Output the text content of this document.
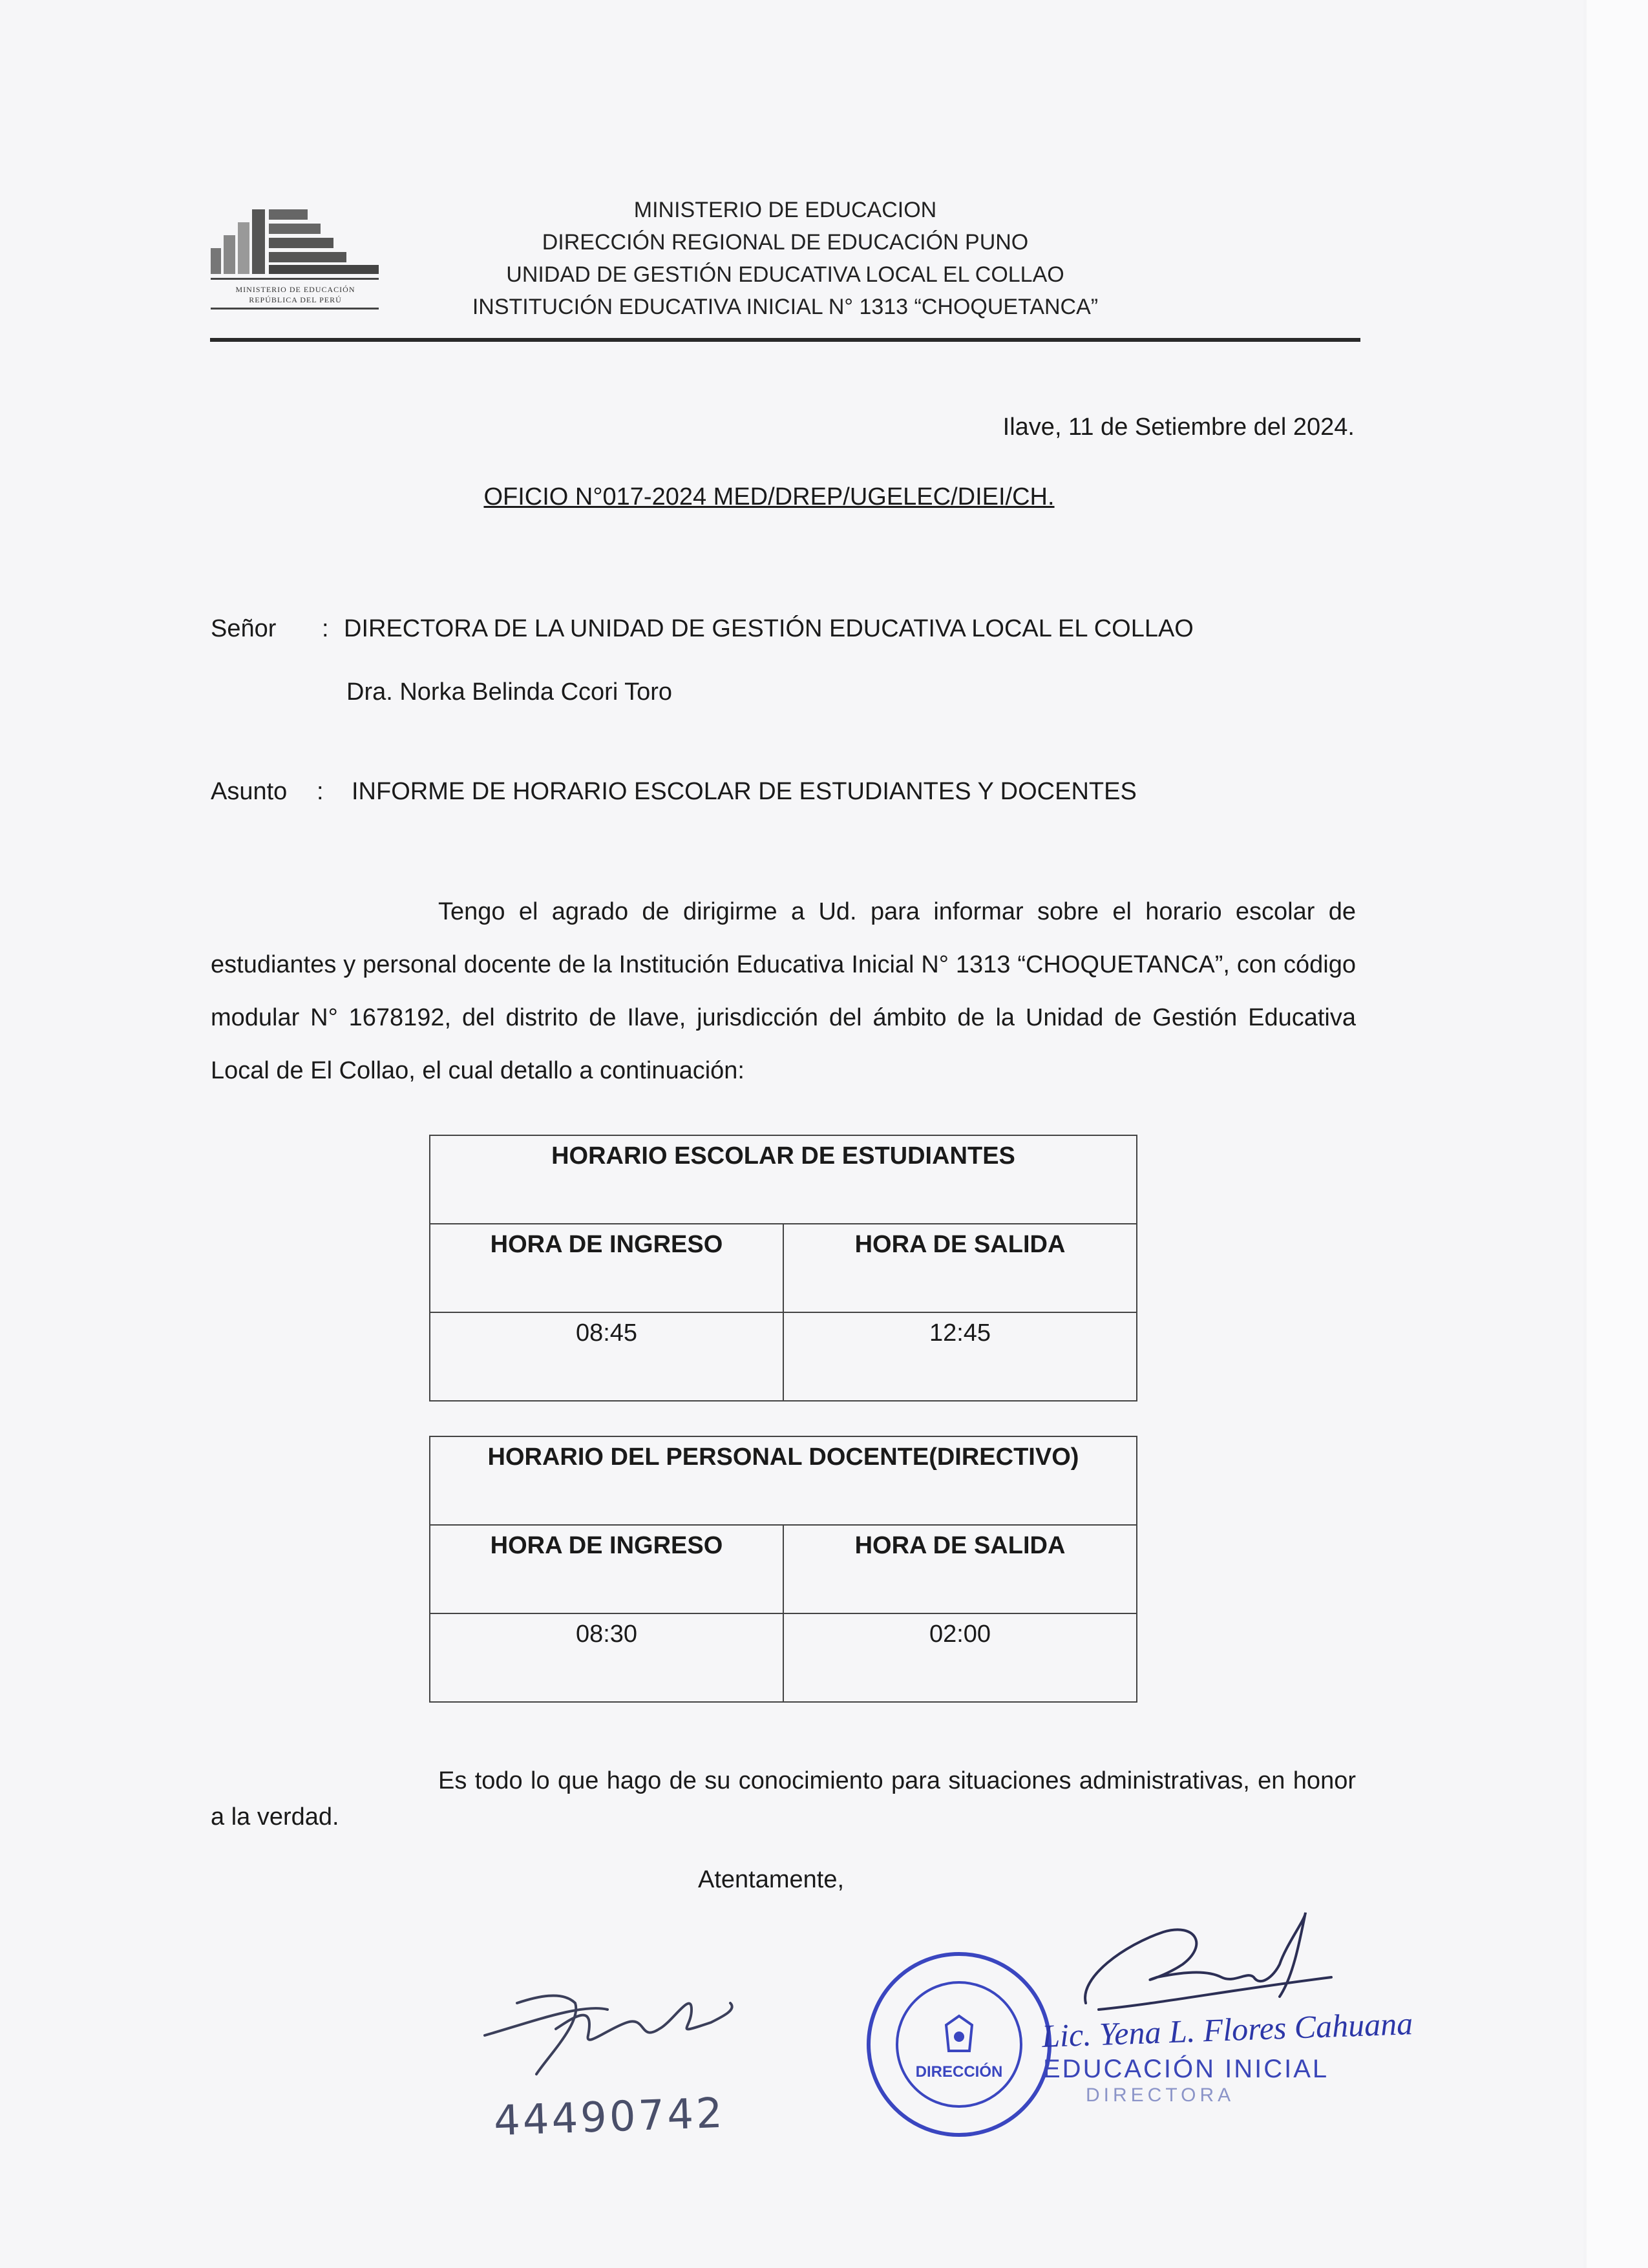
MINISTERIO DE EDUCACIÓN
REPÚBLICA DEL PERÚ
MINISTERIO DE EDUCACION
DIRECCIÓN REGIONAL DE EDUCACIÓN PUNO
UNIDAD DE GESTIÓN EDUCATIVA LOCAL EL COLLAO
INSTITUCIÓN EDUCATIVA INICIAL N° 1313 “CHOQUETANCA”
Ilave, 11 de Setiembre del 2024.
OFICIO N°017-2024 MED/DREP/UGELEC/DIEI/CH.
Señor : DIRECTORA DE LA UNIDAD DE GESTIÓN EDUCATIVA LOCAL EL COLLAO
Dra. Norka Belinda Ccori Toro
Asunto : INFORME DE HORARIO ESCOLAR DE ESTUDIANTES Y DOCENTES
Tengo el agrado de dirigirme a Ud. para informar sobre el horario escolar de estudiantes y personal docente de la Institución Educativa Inicial N° 1313 “CHOQUETANCA”, con código modular N° 1678192, del distrito de Ilave, jurisdicción del ámbito de la Unidad de Gestión Educativa Local de El Collao, el cual detallo a continuación:
HORARIO ESCOLAR DE ESTUDIANTES	
HORA DE INGRESO	HORA DE SALIDA
08:45	12:45
HORARIO DEL PERSONAL DOCENTE(DIRECTIVO)	
HORA DE INGRESO	HORA DE SALIDA
08:30	02:00
Es todo lo que hago de su conocimiento para situaciones administrativas, en honor a la verdad.
Atentamente,
44490742
DIRECCIÓN
Lic. Yena L. Flores Cahuana
EDUCACIÓN INICIAL
DIRECTORA
